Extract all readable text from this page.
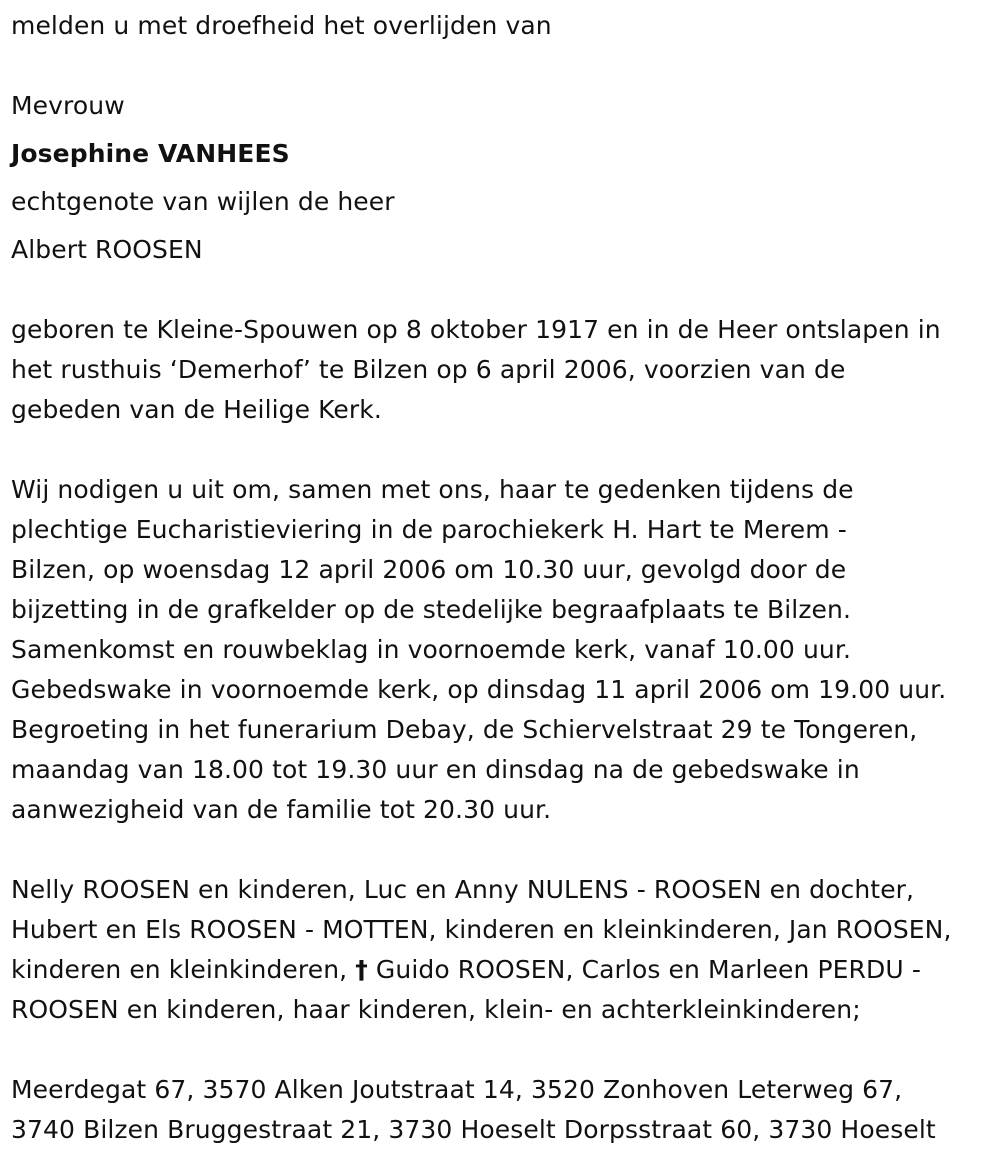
melden u met droefheid het overlijden van
Mevrouw
Josephine VANHEES
echtgenote van wijlen de heer
Albert ROOSEN
geboren te Kleine-Spouwen op 8 oktober 1917 en in de Heer ontslapen in
het rusthuis ‘Demerhof’ te Bilzen op 6 april 2006, voorzien van de
gebeden van de Heilige Kerk.
Wij nodigen u uit om, samen met ons, haar te gedenken tijdens de
plechtige Eucharistieviering in de parochiekerk H. Hart te Merem -
Bilzen, op woensdag 12 april 2006 om 10.30 uur, gevolgd door de
bijzetting in de grafkelder op de stedelijke begraafplaats te Bilzen.
Samenkomst en rouwbeklag in voornoemde kerk, vanaf 10.00 uur.
Gebedswake in voornoemde kerk, op dinsdag 11 april 2006 om 19.00 uur.
Begroeting in het funerarium Debay, de Schiervelstraat 29 te Tongeren,
maandag van 18.00 tot 19.30 uur en dinsdag na de gebedswake in
aanwezigheid van de familie tot 20.30 uur.
Nelly ROOSEN en kinderen, Luc en Anny NULENS - ROOSEN en dochter,
Hubert en Els ROOSEN - MOTTEN, kinderen en kleinkinderen, Jan ROOSEN,
kinderen en kleinkinderen, † Guido ROOSEN, Carlos en Marleen PERDU -
ROOSEN en kinderen, haar kinderen, klein- en achterkleinkinderen;
Meerdegat 67, 3570 Alken Joutstraat 14, 3520 Zonhoven Leterweg 67,
3740 Bilzen Bruggestraat 21, 3730 Hoeselt Dorpsstraat 60, 3730 Hoeselt
